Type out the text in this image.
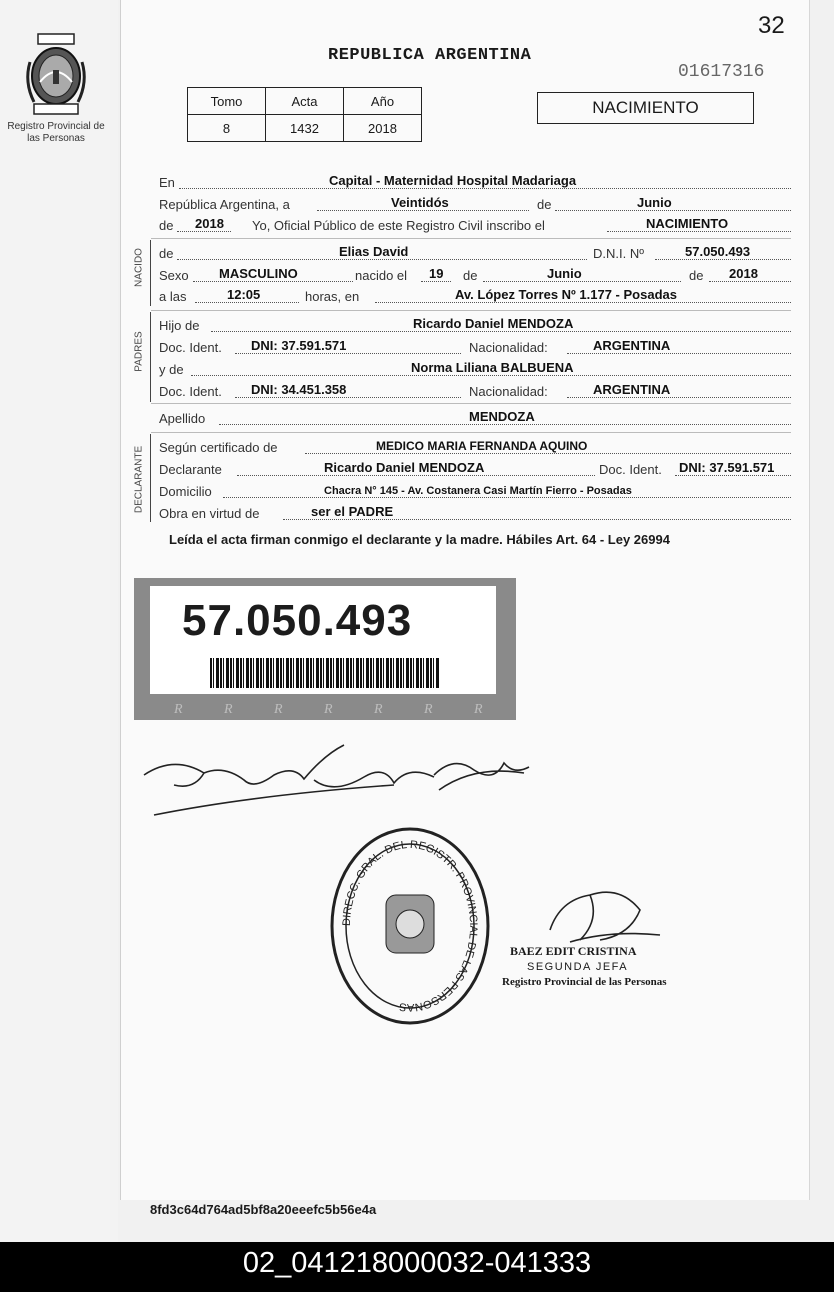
32
REPUBLICA ARGENTINA
01617316
Registro Provincial de las Personas
Tomo	Acta	Año
8	1432	2018
NACIMIENTO
En	Capital - Maternidad Hospital Madariaga
República Argentina, a	Veintidós	de	Junio
de 2018 Yo, Oficial Público de este Registro Civil inscribo el	NACIMIENTO
NACIDO de	Elias David	D.N.I. Nº	57.050.493
Sexo MASCULINO	nacido el 19 de	Junio	de 2018
a las	12:05	horas, en	Av. López Torres Nº 1.177 - Posadas
PADRES
Hijo de	Ricardo Daniel MENDOZA
Doc. Ident. DNI: 37.591.571	Nacionalidad:	ARGENTINA
y de	Norma Liliana BALBUENA
Doc. Ident. DNI: 34.451.358	Nacionalidad:	ARGENTINA
Apellido	MENDOZA
DECLARANTE Según certificado de	MEDICO MARIA FERNANDA AQUINO
Declarante	Ricardo Daniel MENDOZA	Doc. Ident. DNI: 37.591.571
Domicilio	Chacra N° 145 - Av. Costanera Casi Martín Fierro - Posadas
Obra en virtud de	ser el PADRE
Leída el acta firman conmigo el declarante y la madre. Hábiles Art. 64 - Ley 26994
57.050.493
R	R	R	R	R	R	R
DIRECC. GRAL. DEL REGISTR. PROVINCIAL DE LAS PERSONAS
BAEZ EDIT CRISTINA
SEGUNDA JEFA
Registro Provincial de las Personas
8fd3c64d764ad5bf8a20eeefc5b56e4a
02_041218000032-041333
